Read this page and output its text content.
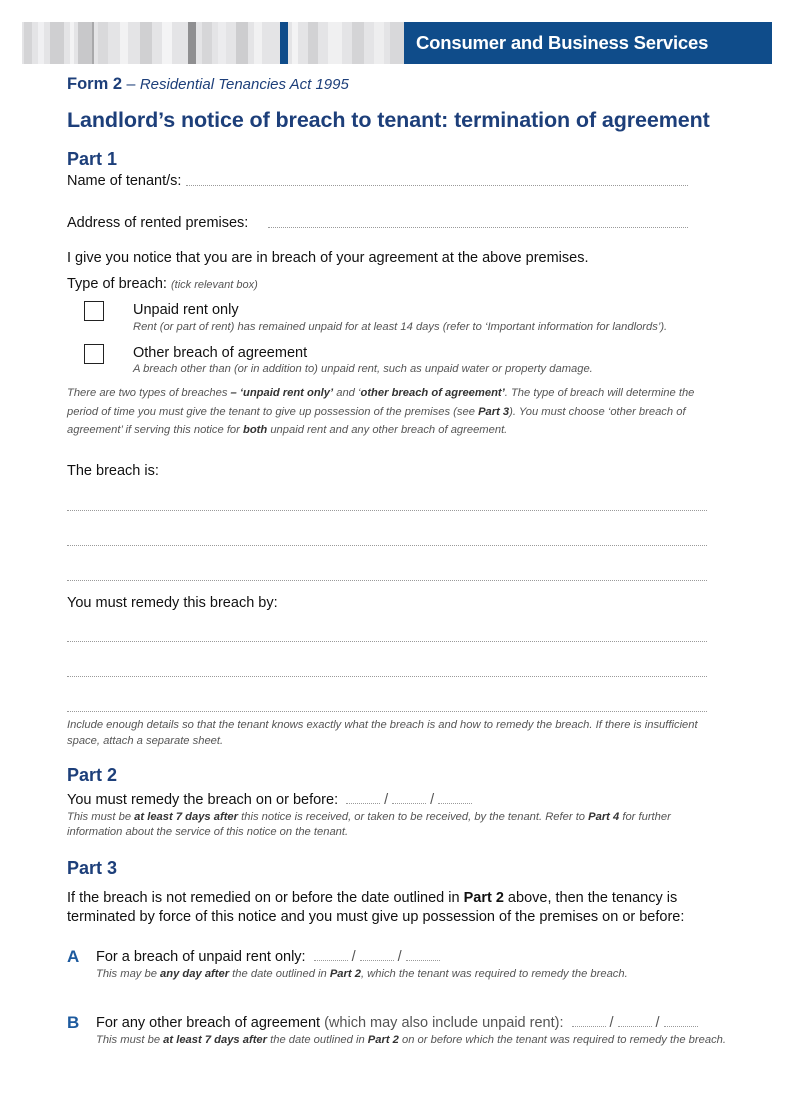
Consumer and Business Services
Form 2 – Residential Tenancies Act 1995
Landlord’s notice of breach to tenant: termination of agreement
Part 1
Name of tenant/s:
Address of rented premises:
I give you notice that you are in breach of your agreement at the above premises.
Type of breach: (tick relevant box)
Unpaid rent only
Rent (or part of rent) has remained unpaid for at least 14 days (refer to ‘Important information for landlords’).
Other breach of agreement
A breach other than (or in addition to) unpaid rent, such as unpaid water or property damage.
There are two types of breaches – ‘unpaid rent only’ and ‘other breach of agreement’. The type of breach will determine the period of time you must give the tenant to give up possession of the premises (see Part 3). You must choose ‘other breach of agreement’ if serving this notice for both unpaid rent and any other breach of agreement.
The breach is:
You must remedy this breach by:
Include enough details so that the tenant knows exactly what the breach is and how to remedy the breach. If there is insufficient space, attach a separate sheet.
Part 2
You must remedy the breach on or before:	/	/
This must be at least 7 days after this notice is received, or taken to be received, by the tenant. Refer to Part 4 for further information about the service of this notice on the tenant.
Part 3
If the breach is not remedied on or before the date outlined in Part 2 above, then the tenancy is terminated by force of this notice and you must give up possession of the premises on or before:
A For a breach of unpaid rent only:	/	/
This may be any day after the date outlined in Part 2, which the tenant was required to remedy the breach.
B For any other breach of agreement (which may also include unpaid rent):	/	/
This must be at least 7 days after the date outlined in Part 2 on or before which the tenant was required to remedy the breach.
